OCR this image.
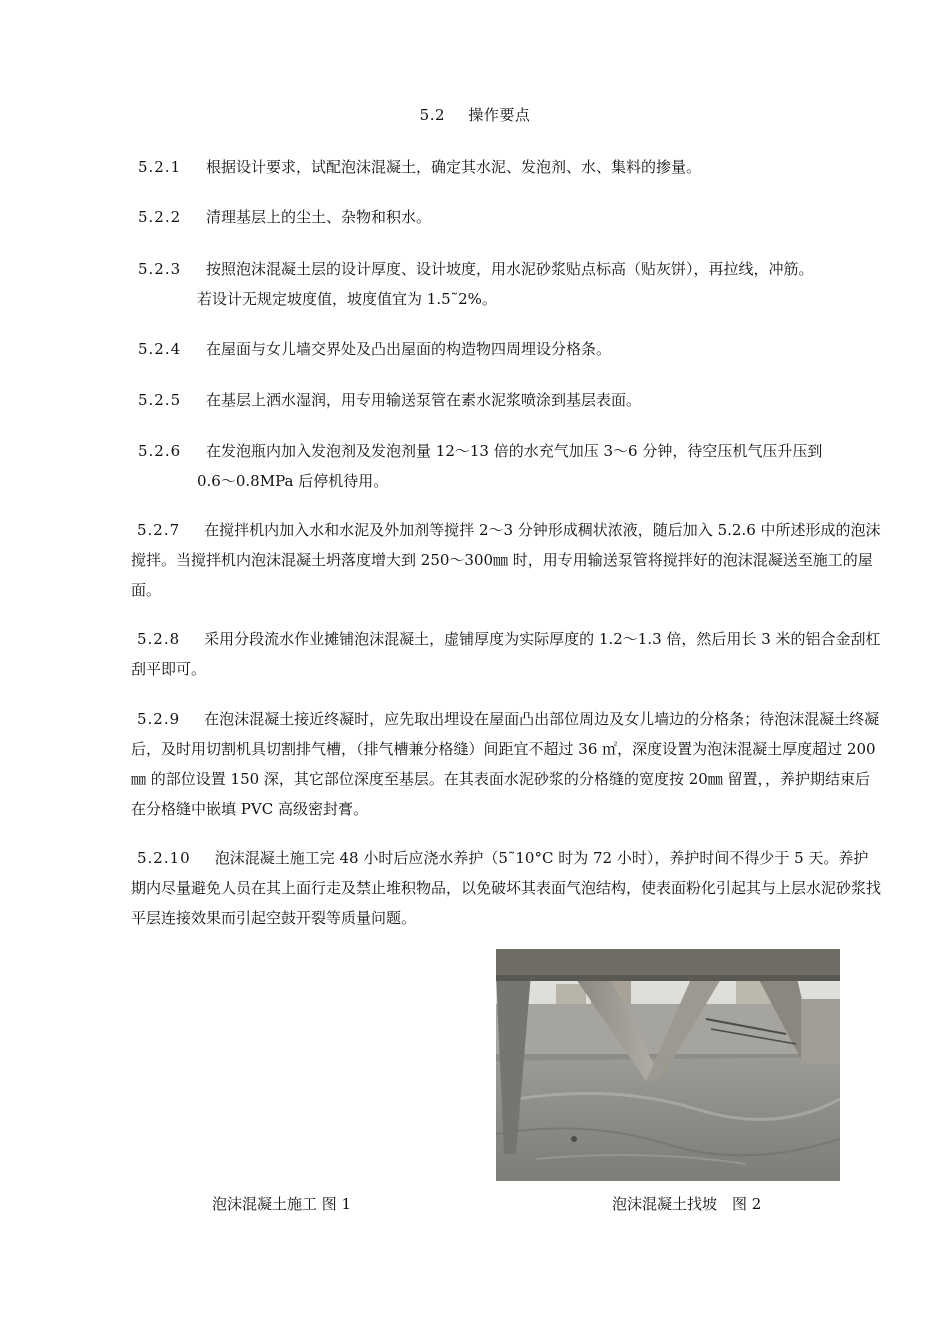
5.2 操作要点
5.2.1 根据设计要求，试配泡沫混凝土，确定其水泥、发泡剂、水、集料的掺量。
5.2.2 清理基层上的尘土、杂物和积水。
5.2.3 按照泡沫混凝土层的设计厚度、设计坡度，用水泥砂浆贴点标高（贴灰饼），再拉线，冲筋。
若设计无规定坡度值，坡度值宜为 1.5˜2%。
5.2.4 在屋面与女儿墙交界处及凸出屋面的构造物四周埋设分格条。
5.2.5 在基层上洒水湿润，用专用输送泵管在素水泥浆喷涂到基层表面。
5.2.6 在发泡瓶内加入发泡剂及发泡剂量 12～13 倍的水充气加压 3～6 分钟，待空压机气压升压到
0.6～0.8MPa 后停机待用。
5.2.7 在搅拌机内加入水和水泥及外加剂等搅拌 2～3 分钟形成稠状浓液，随后加入 5.2.6 中所述形成的泡沫搅拌。当搅拌机内泡沫混凝土坍落度增大到 250～300㎜ 时，用专用输送泵管将搅拌好的泡沫混凝送至施工的屋面。
5.2.8 采用分段流水作业摊铺泡沫混凝土，虚铺厚度为实际厚度的 1.2～1.3 倍，然后用长 3 米的铝合金刮杠刮平即可。
5.2.9 在泡沫混凝土接近终凝时，应先取出埋设在屋面凸出部位周边及女儿墙边的分格条；待泡沫混凝土终凝后，及时用切割机具切割排气槽，（排气槽兼分格缝）间距宜不超过 36 ㎡，深度设置为泡沫混凝土厚度超过 200㎜ 的部位设置 150 深，其它部位深度至基层。在其表面水泥砂浆的分格缝的宽度按 20㎜ 留置，，养护期结束后在分格缝中嵌填 PVC 高级密封膏。
5.2.10 泡沫混凝土施工完 48 小时后应浇水养护（5˜10°C 时为 72 小时），养护时间不得少于 5 天。养护期内尽量避免人员在其上面行走及禁止堆积物品，以免破坏其表面气泡结构，使表面粉化引起其与上层水泥砂浆找平层连接效果而引起空鼓开裂等质量问题。
泡沫混凝土施工 图 1	泡沫混凝土找坡　图 2
